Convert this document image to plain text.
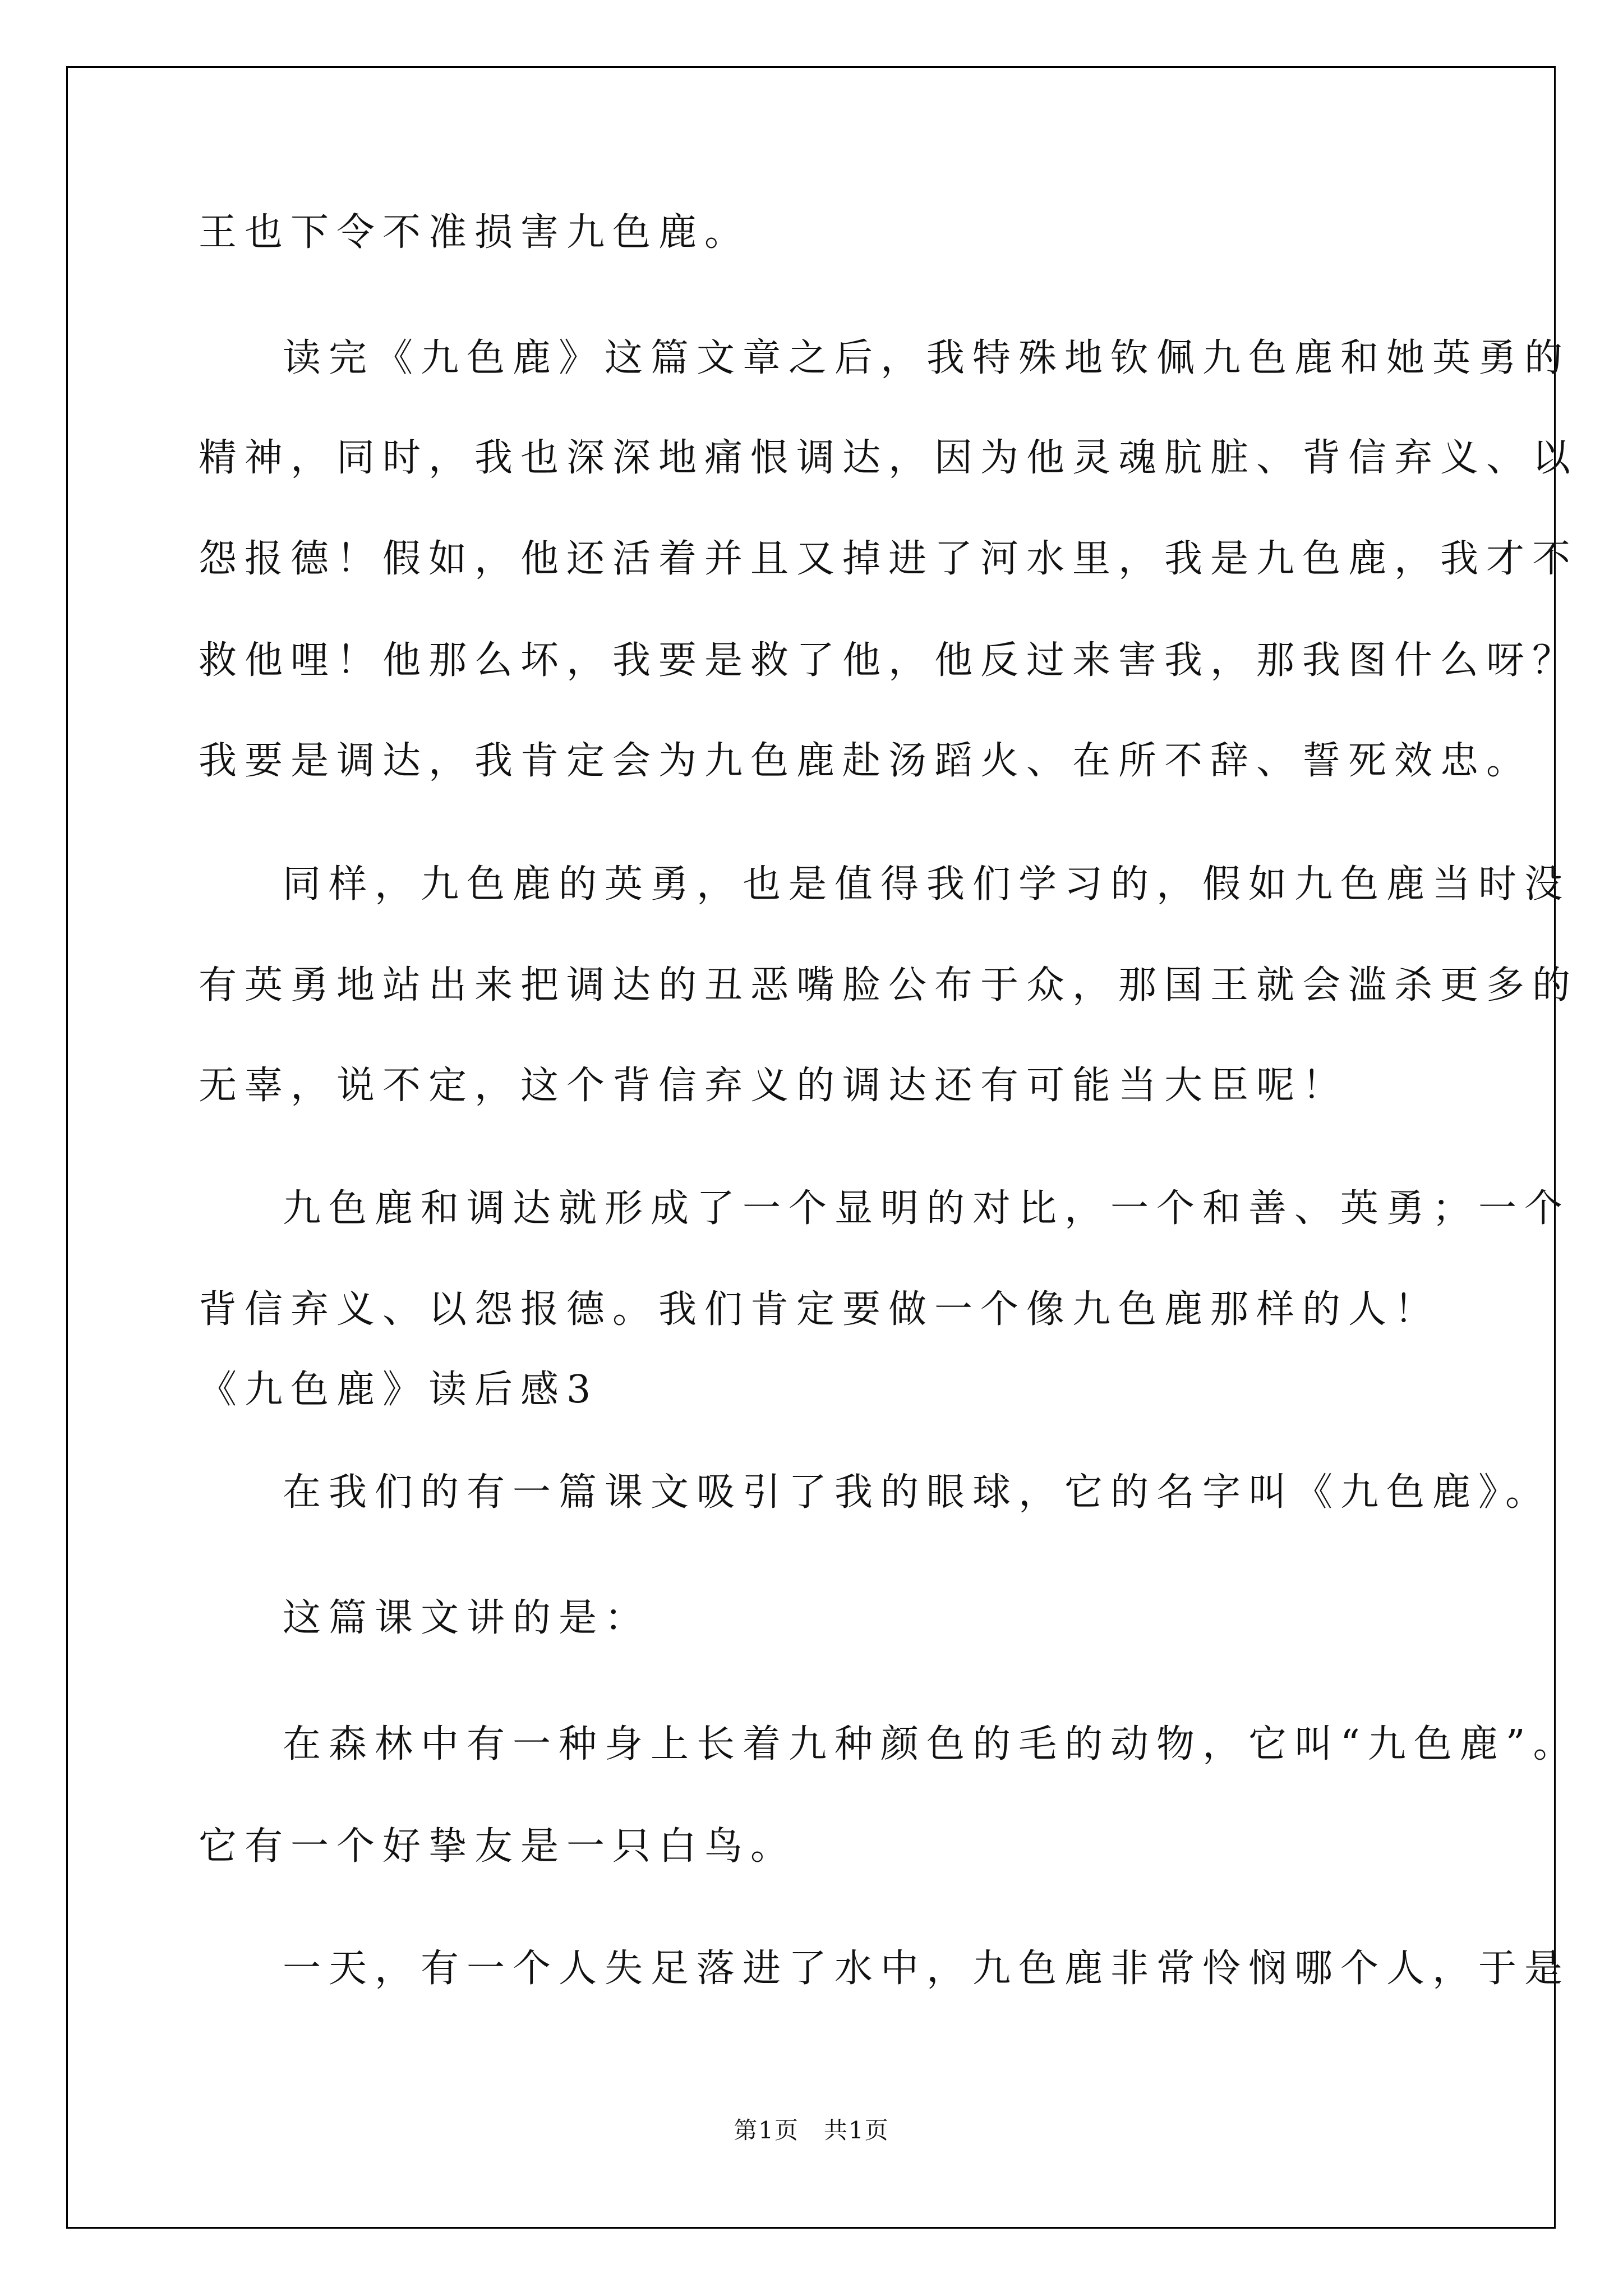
王也下令不准损害九色鹿。
读完《九色鹿》这篇文章之后，我特殊地钦佩九色鹿和她英勇的
精神，同时，我也深深地痛恨调达，因为他灵魂肮脏、背信弃义、以
怨报德！假如，他还活着并且又掉进了河水里，我是九色鹿，我才不
救他哩！他那么坏，我要是救了他，他反过来害我，那我图什么呀？
我要是调达，我肯定会为九色鹿赴汤蹈火、在所不辞、誓死效忠。
同样，九色鹿的英勇，也是值得我们学习的，假如九色鹿当时没
有英勇地站出来把调达的丑恶嘴脸公布于众，那国王就会滥杀更多的
无辜，说不定，这个背信弃义的调达还有可能当大臣呢！
九色鹿和调达就形成了一个显明的对比，一个和善、英勇；一个
背信弃义、以怨报德。我们肯定要做一个像九色鹿那样的人！
《九色鹿》读后感3
在我们的有一篇课文吸引了我的眼球，它的名字叫《九色鹿》。
这篇课文讲的是：
在森林中有一种身上长着九种颜色的毛的动物，它叫“九色鹿”。
它有一个好挚友是一只白鸟。
一天，有一个人失足落进了水中，九色鹿非常怜悯哪个人，于是
第1页　共1页
